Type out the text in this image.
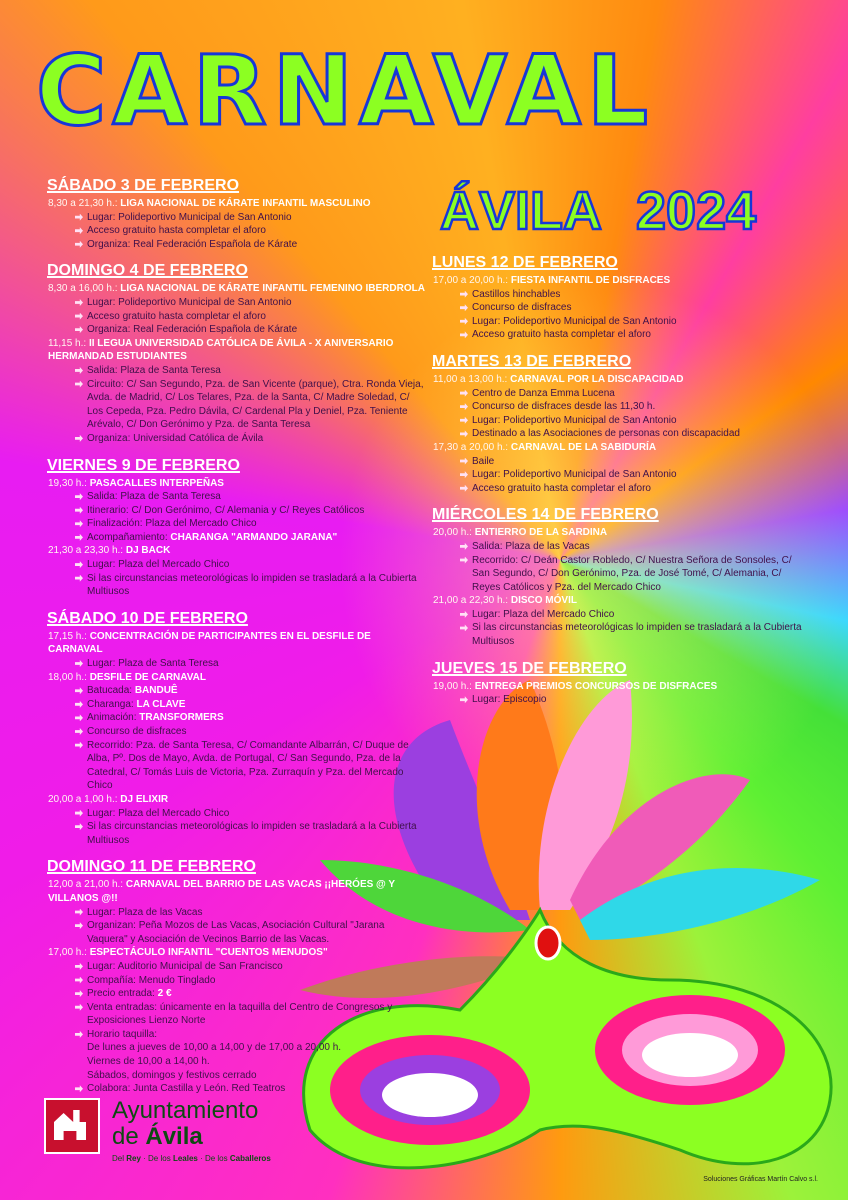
CARNAVAL
ÁVILA 2024
SÁBADO 3 DE FEBRERO
8,30 a 21,30 h.: LIGA NACIONAL DE KÁRATE INFANTIL MASCULINO
Lugar: Polideportivo Municipal de San Antonio
Acceso gratuito hasta completar el aforo
Organiza: Real Federación Española de Kárate
DOMINGO 4 DE FEBRERO
8,30 a 16,00 h.: LIGA NACIONAL DE KÁRATE INFANTIL FEMENINO IBERDROLA
Lugar: Polideportivo Municipal de San Antonio
Acceso gratuito hasta completar el aforo
Organiza: Real Federación Española de Kárate
11,15 h.: II LEGUA UNIVERSIDAD CATÓLICA DE ÁVILA - X ANIVERSARIO HERMANDAD ESTUDIANTES
Salida: Plaza de Santa Teresa
Circuito: C/ San Segundo, Pza. de San Vicente (parque), Ctra. Ronda Vieja, Avda. de Madrid, C/ Los Telares, Pza. de la Santa, C/ Madre Soledad, C/ Los Cepeda, Pza. Pedro Dávila, C/ Cardenal Pla y Deniel, Pza. Teniente Arévalo, C/ Don Gerónimo y Pza. de Santa Teresa
Organiza: Universidad Católica de Ávila
VIERNES 9 DE FEBRERO
19,30 h.: PASACALLES INTERPEÑAS
Salida: Plaza de Santa Teresa
Itinerario: C/ Don Gerónimo, C/ Alemania y C/ Reyes Católicos
Finalización: Plaza del Mercado Chico
Acompañamiento: CHARANGA "ARMANDO JARANA"
21,30 a 23,30 h.: DJ BACK
Lugar: Plaza del Mercado Chico
Si las circunstancias meteorológicas lo impiden se trasladará a la Cubierta Multiusos
SÁBADO 10 DE FEBRERO
17,15 h.: CONCENTRACIÓN DE PARTICIPANTES EN EL DESFILE DE CARNAVAL
Lugar: Plaza de Santa Teresa
18,00 h.: DESFILE DE CARNAVAL
Batucada: BANDUÊ
Charanga: LA CLAVE
Animación: TRANSFORMERS
Concurso de disfraces
Recorrido: Pza. de Santa Teresa, C/ Comandante Albarrán, C/ Duque de Alba, Pº. Dos de Mayo, Avda. de Portugal, C/ San Segundo, Pza. de la Catedral, C/ Tomás Luis de Victoria, Pza. Zurraquín y Pza. del Mercado Chico
20,00 a 1,00 h.: DJ ELIXIR
Lugar: Plaza del Mercado Chico
Si las circunstancias meteorológicas lo impiden se trasladará a la Cubierta Multiusos
DOMINGO 11 DE FEBRERO
12,00 a 21,00 h.: CARNAVAL DEL BARRIO DE LAS VACAS ¡¡HERÓES @ Y VILLANOS @!!
Lugar: Plaza de las Vacas
Organizan: Peña Mozos de Las Vacas, Asociación Cultural "Jarana Vaquera" y Asociación de Vecinos Barrio de las Vacas.
17,00 h.: ESPECTÁCULO INFANTIL "CUENTOS MENUDOS"
Lugar: Auditorio Municipal de San Francisco
Compañía: Menudo Tinglado
Precio entrada: 2 €
Venta entradas: únicamente en la taquilla del Centro de Congresos y Exposiciones Lienzo Norte
Horario taquilla:
De lunes a jueves de 10,00 a 14,00 y de 17,00 a 20,00 h.
Viernes de 10,00 a 14,00 h.
Sábados, domingos y festivos cerrado
Colabora: Junta Castilla y León. Red Teatros
LUNES 12 DE FEBRERO
17,00 a 20,00 h.: FIESTA INFANTIL DE DISFRACES
Castillos hinchables
Concurso de disfraces
Lugar: Polideportivo Municipal de San Antonio
Acceso gratuito hasta completar el aforo
MARTES 13 DE FEBRERO
11,00 a 13,00 h.: CARNAVAL POR LA DISCAPACIDAD
Centro de Danza Emma Lucena
Concurso de disfraces desde las 11,30 h.
Lugar: Polideportivo Municipal de San Antonio
Destinado a las Asociaciones de personas con discapacidad
17,30 a 20,00 h.: CARNAVAL DE LA SABIDURÍA
Baile
Lugar: Polideportivo Municipal de San Antonio
Acceso gratuito hasta completar el aforo
MIÉRCOLES 14 DE FEBRERO
20,00 h.: ENTIERRO DE LA SARDINA
Salida: Plaza de las Vacas
Recorrido: C/ Deán Castor Robledo, C/ Nuestra Señora de Sonsoles, C/ San Segundo, C/ Don Gerónimo, Pza. de José Tomé, C/ Alemania, C/ Reyes Católicos y Pza. del Mercado Chico
21,00 a 22,30 h.: DISCO MÓVIL
Lugar: Plaza del Mercado Chico
Si las circunstancias meteorológicas lo impiden se trasladará a la Cubierta Multiusos
JUEVES 15 DE FEBRERO
19,00 h.: ENTREGA PREMIOS CONCURSOS DE DISFRACES
Lugar: Episcopio
Ayuntamiento
de Ávila
Del Rey · De los Leales · De los Caballeros
Soluciones Gráficas Martín Calvo s.l.
